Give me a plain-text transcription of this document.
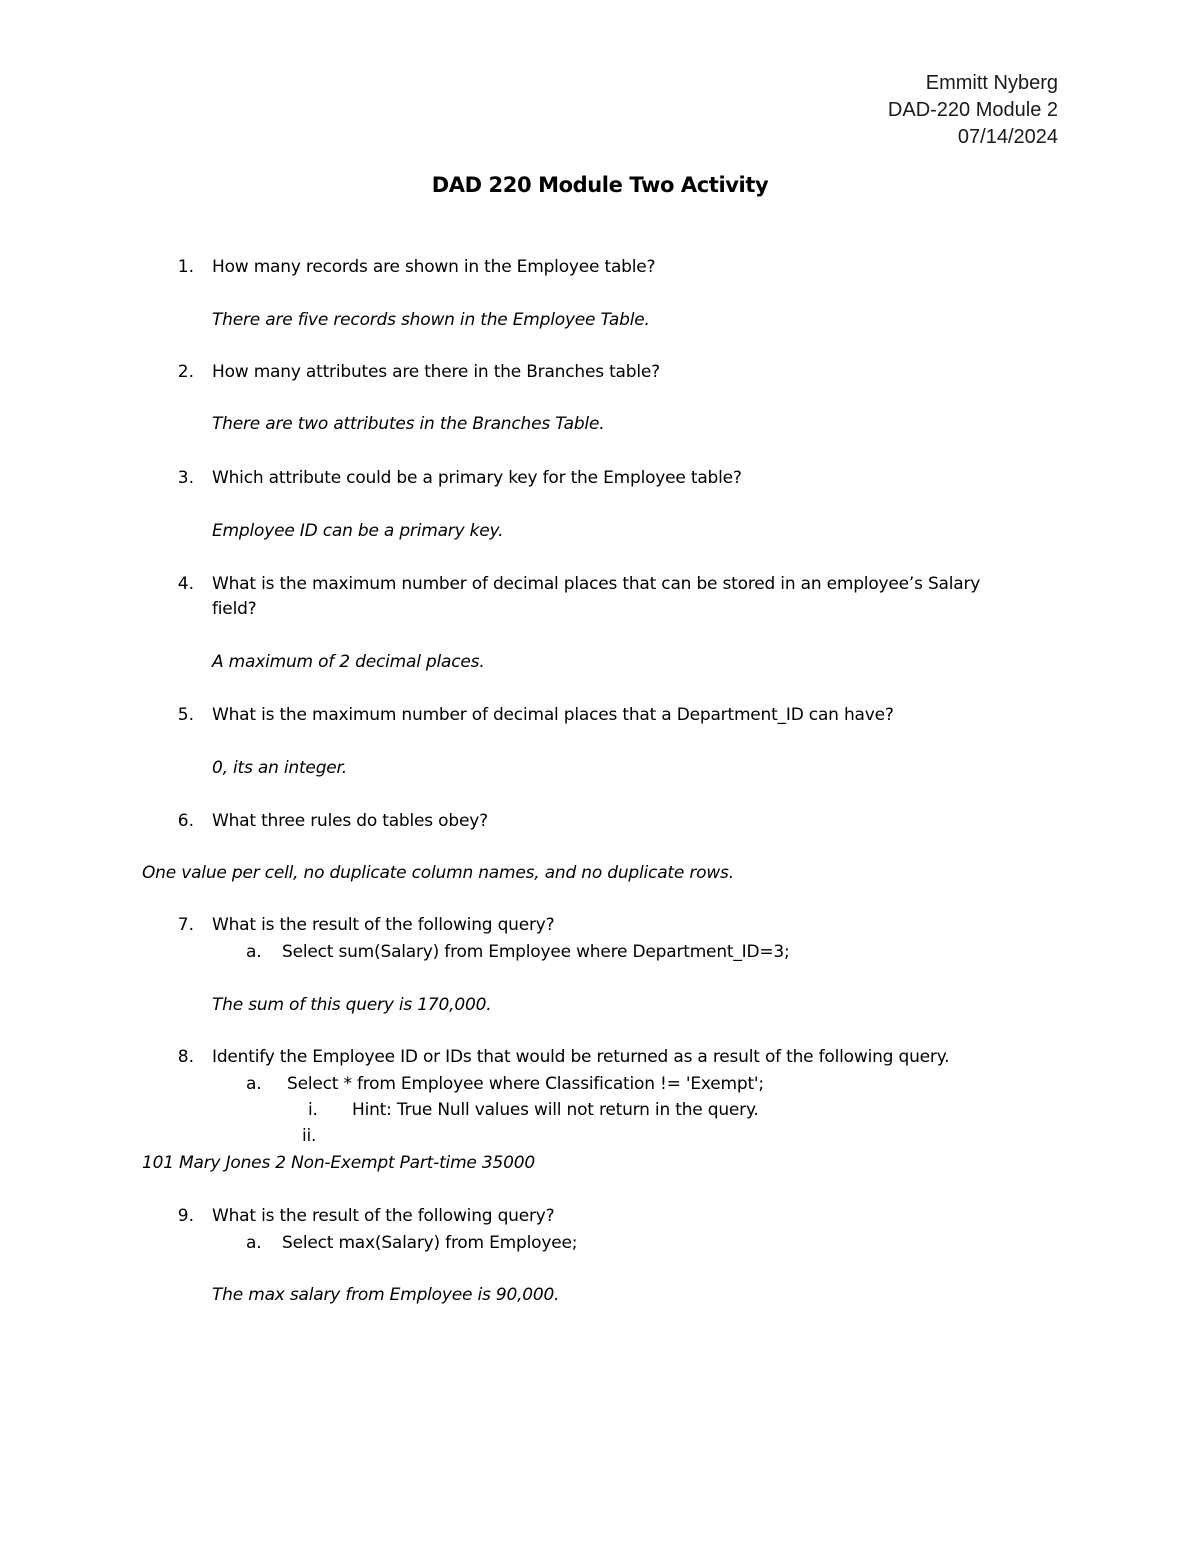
Emmitt Nyberg
DAD-220 Module 2
07/14/2024
DAD 220 Module Two Activity
1. How many records are shown in the Employee table?
There are five records shown in the Employee Table.
2. How many attributes are there in the Branches table?
There are two attributes in the Branches Table.
3. Which attribute could be a primary key for the Employee table?
Employee ID can be a primary key.
4. What is the maximum number of decimal places that can be stored in an employee’s Salary
field?
A maximum of 2 decimal places.
5. What is the maximum number of decimal places that a Department_ID can have?
0, its an integer.
6. What three rules do tables obey?
One value per cell, no duplicate column names, and no duplicate rows.
7. What is the result of the following query?
a. Select sum(Salary) from Employee where Department_ID=3;
The sum of this query is 170,000.
8. Identify the Employee ID or IDs that would be returned as a result of the following query.
a. Select * from Employee where Classification != 'Exempt';
i. Hint: True Null values will not return in the query.
ii.
101 Mary Jones 2 Non-Exempt Part-time 35000
9. What is the result of the following query?
a. Select max(Salary) from Employee;
The max salary from Employee is 90,000.
